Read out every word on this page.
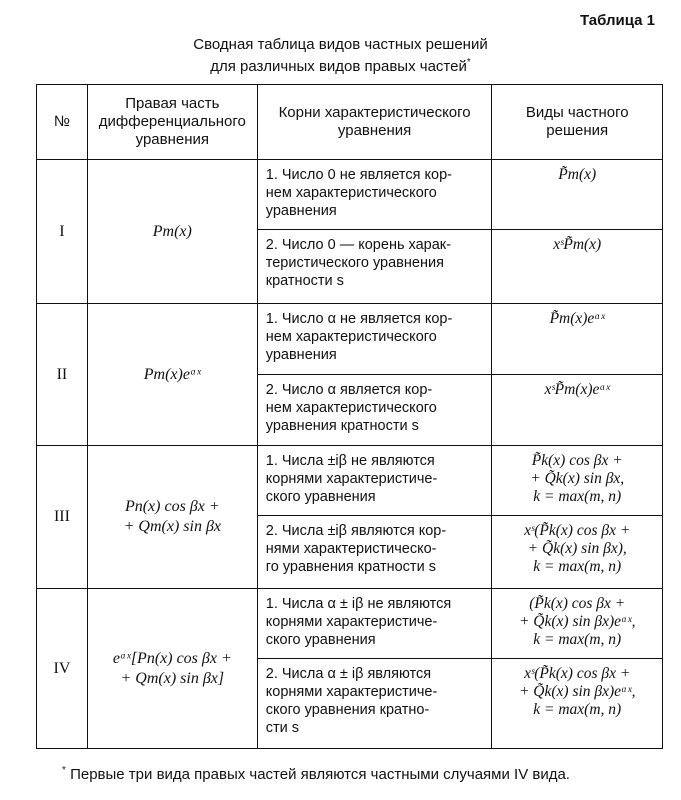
Таблица 1
Сводная таблица видов частных решений
для различных видов правых частей*
№	Правая часть
дифференциального
уравнения	Корни характеристического
уравнения	Виды частного
решения

I	Pm(x)	1. Число 0 не является кор-
нем характеристического
уравнения	P̃m(x)

		2. Число 0 — корень харак-
теристического уравнения
кратности s	xˢP̃m(x)

II	Pm(x)eᵅˣ	1. Число α не является кор-
нем характеристического
уравнения	P̃m(x)eᵅˣ

		2. Число α является кор-
нем характеристического
уравнения кратности s	xˢP̃m(x)eᵅˣ

III	Pn(x) cos βx +
+ Qm(x) sin βx	1. Числа ±iβ не являются
корнями характеристиче-
ского уравнения	P̃k(x) cos βx +
+ Q̃k(x) sin βx,
k = max(m, n)

		2. Числа ±iβ являются кор-
нями характеристическо-
го уравнения кратности s	xˢ(P̃k(x) cos βx +
+ Q̃k(x) sin βx),
k = max(m, n)

IV	eᵅˣ[Pn(x) cos βx +
+ Qm(x) sin βx]	1. Числа α ± iβ не являются
корнями характеристиче-
ского уравнения	(P̃k(x) cos βx +
+ Q̃k(x) sin βx)eᵅˣ,
k = max(m, n)

		2. Числа α ± iβ являются
корнями характеристиче-
ского уравнения кратно-
сти s	xˢ(P̃k(x) cos βx +
+ Q̃k(x) sin βx)eᵅˣ,
k = max(m, n)
* Первые три вида правых частей являются частными случаями IV вида.
